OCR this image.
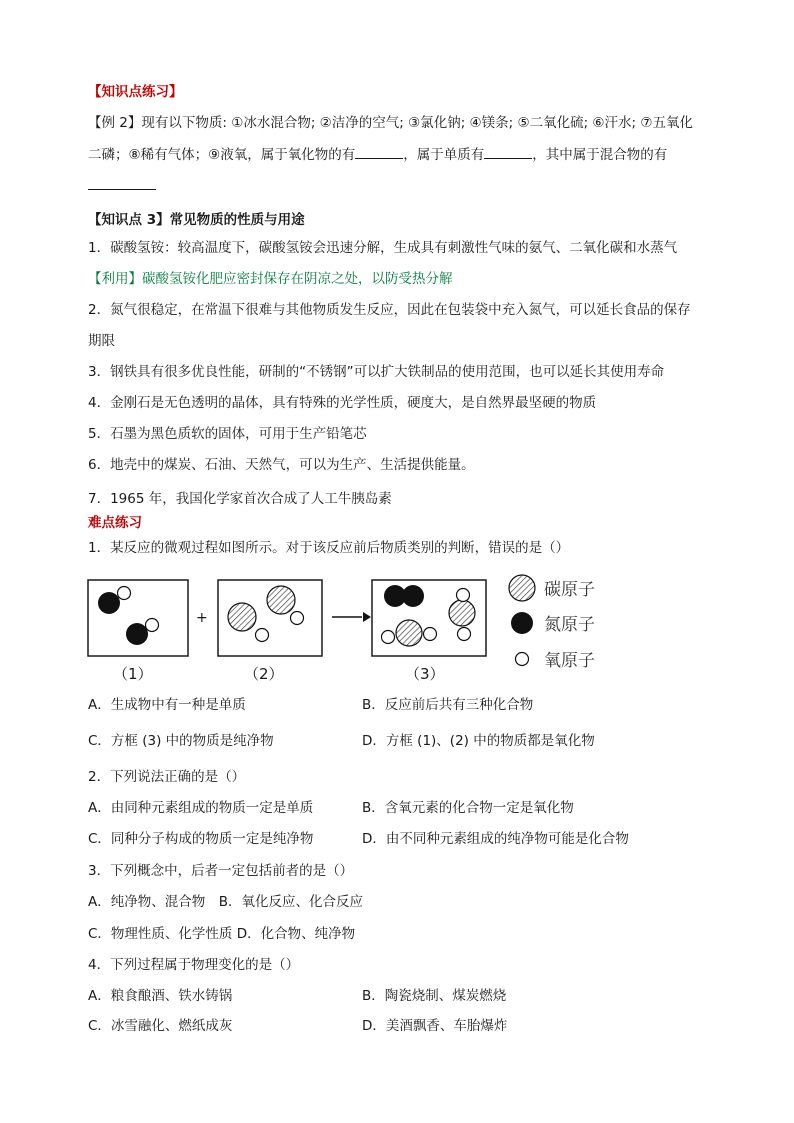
【知识点练习】
【例 2】现有以下物质: ①冰水混合物; ②洁净的空气; ③氯化钠; ④镁条; ⑤二氧化硫; ⑥汗水; ⑦五氧化
二磷；⑧稀有气体；⑨液氧，属于氧化物的有	，属于单质有	，其中属于混合物的有
【知识点 3】常见物质的性质与用途
1．碳酸氢铵：较高温度下，碳酸氢铵会迅速分解，生成具有刺激性气味的氨气、二氧化碳和水蒸气
【利用】碳酸氢铵化肥应密封保存在阴凉之处，以防受热分解
2．氮气很稳定，在常温下很难与其他物质发生反应，因此在包装袋中充入氮气，可以延长食品的保存
期限
3．钢铁具有很多优良性能，研制的“不锈钢”可以扩大铁制品的使用范围，也可以延长其使用寿命
4．金刚石是无色透明的晶体，具有特殊的光学性质，硬度大，是自然界最坚硬的物质
5．石墨为黑色质软的固体，可用于生产铅笔芯
6．地壳中的煤炭、石油、天然气，可以为生产、生活提供能量。
7．1965 年，我国化学家首次合成了人工牛胰岛素
难点练习
1．某反应的微观过程如图所示。对于该反应前后物质类别的判断，错误的是（）
+
（1）	（2）	（3）
碳原子
氮原子
氧原子
A．生成物中有一种是单质	B．反应前后共有三种化合物
C．方框 (3) 中的物质是纯净物	D．方框 (1)、(2) 中的物质都是氧化物
2．下列说法正确的是（）
A．由同种元素组成的物质一定是单质	B．含氧元素的化合物一定是氧化物
C．同种分子构成的物质一定是纯净物	D．由不同种元素组成的纯净物可能是化合物
3．下列概念中，后者一定包括前者的是（）
A．纯净物、混合物　B．氧化反应、化合反应
C．物理性质、化学性质 D．化合物、纯净物
4．下列过程属于物理变化的是（）
A．粮食酿酒、铁水铸锅	B．陶瓷烧制、煤炭燃烧
C．冰雪融化、燃纸成灰	D．美酒飘香、车胎爆炸
